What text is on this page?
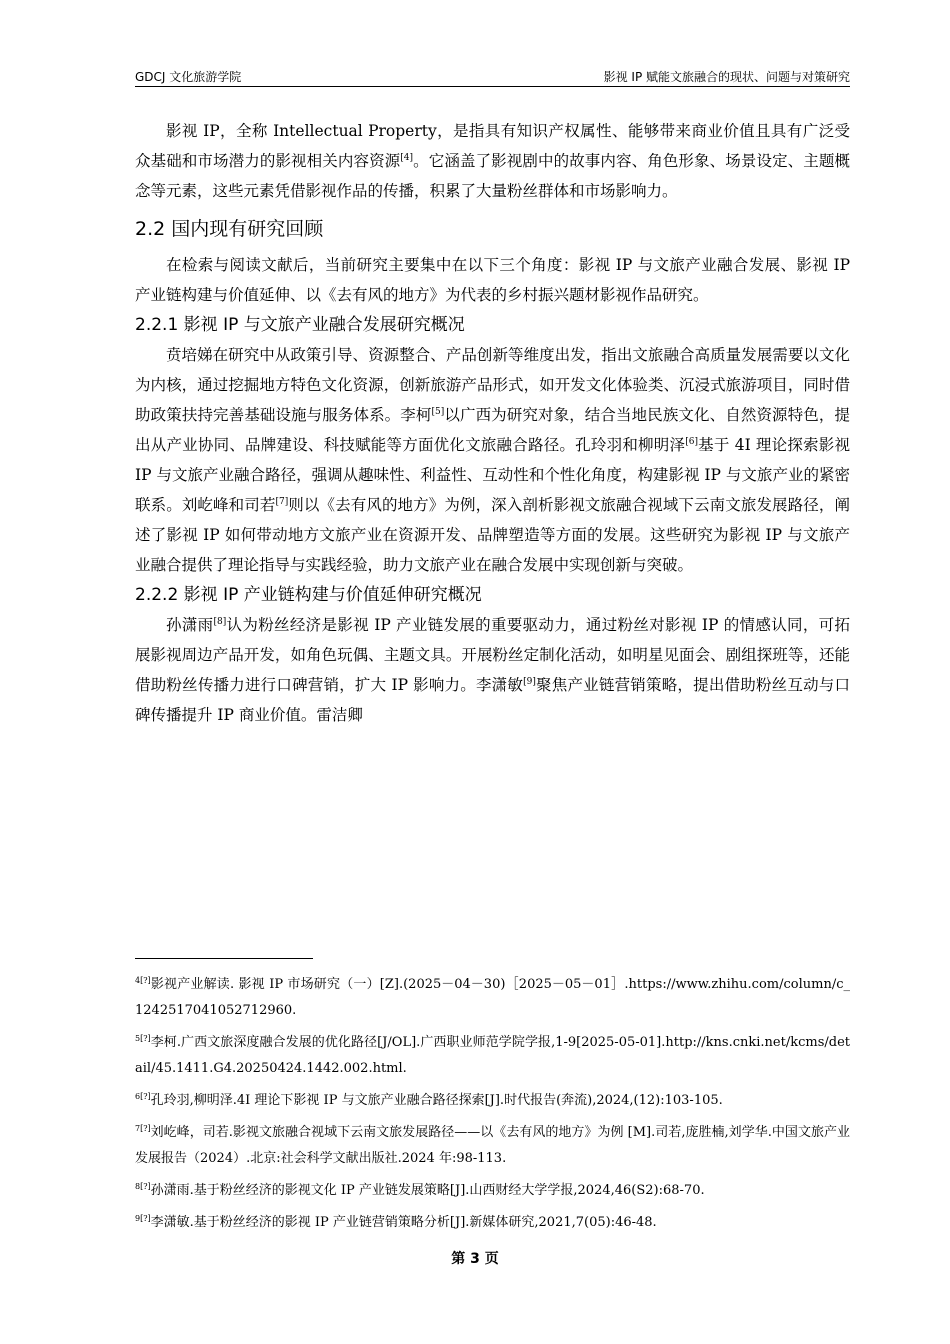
GDCJ 文化旅游学院	影视 IP 赋能文旅融合的现状、问题与对策研究

影视 IP，全称 Intellectual Property，是指具有知识产权属性、能够带来商业价值且具有广泛受众基础和市场潜力的影视相关内容资源[4]。它涵盖了影视剧中的故事内容、角色形象、场景设定、主题概念等元素，这些元素凭借影视作品的传播，积累了大量粉丝群体和市场影响力。

2.2 国内现有研究回顾

在检索与阅读文献后，当前研究主要集中在以下三个角度：影视 IP 与文旅产业融合发展、影视 IP 产业链构建与价值延伸、以《去有风的地方》为代表的乡村振兴题材影视作品研究。

2.2.1 影视 IP 与文旅产业融合发展研究概况

贲培娣在研究中从政策引导、资源整合、产品创新等维度出发，指出文旅融合高质量发展需要以文化为内核，通过挖掘地方特色文化资源，创新旅游产品形式，如开发文化体验类、沉浸式旅游项目，同时借助政策扶持完善基础设施与服务体系。李柯[5]以广西为研究对象，结合当地民族文化、自然资源特色，提出从产业协同、品牌建设、科技赋能等方面优化文旅融合路径。孔玲羽和柳明泽[6]基于 4I 理论探索影视 IP 与文旅产业融合路径，强调从趣味性、利益性、互动性和个性化角度，构建影视 IP 与文旅产业的紧密联系。刘屹峰和司若[7]则以《去有风的地方》为例，深入剖析影视文旅融合视域下云南文旅发展路径，阐述了影视 IP 如何带动地方文旅产业在资源开发、品牌塑造等方面的发展。这些研究为影视 IP 与文旅产业融合提供了理论指导与实践经验，助力文旅产业在融合发展中实现创新与突破。

2.2.2 影视 IP 产业链构建与价值延伸研究概况

孙潇雨[8]认为粉丝经济是影视 IP 产业链发展的重要驱动力，通过粉丝对影视 IP 的情感认同，可拓展影视周边产品开发，如角色玩偶、主题文具。开展粉丝定制化活动，如明星见面会、剧组探班等，还能借助粉丝传播力进行口碑营销，扩大 IP 影响力。李潇敏[9]聚焦产业链营销策略，提出借助粉丝互动与口碑传播提升 IP 商业价值。雷洁卿

$^{4[?]}$影视产业解读. 影视 IP 市场研究（一）[Z].(2025－04－30)［2025－05－01］.https://www.zhihu.com/column/c_1242517041052712960.

$^{5[?]}$李柯.广西文旅深度融合发展的优化路径[J/OL].广西职业师范学院学报,1-9[2025-05-01].http://kns.cnki.net/kcms/detail/45.1411.G4.20250424.1442.002.html.

$^{6[?]}$孔玲羽,柳明泽.4I 理论下影视 IP 与文旅产业融合路径探索[J].时代报告(奔流),2024,(12):103-105.

$^{7[?]}$刘屹峰，司若.影视文旅融合视域下云南文旅发展路径——以《去有风的地方》为例 [M].司若,庞胜楠,刘学华.中国文旅产业发展报告（2024）.北京:社会科学文献出版社.2024 年:98-113.

$^{8[?]}$孙潇雨.基于粉丝经济的影视文化 IP 产业链发展策略[J].山西财经大学学报,2024,46(S2):68-70.

$^{9[?]}$李潇敏.基于粉丝经济的影视 IP 产业链营销策略分析[J].新媒体研究,2021,7(05):46-48.

第 3 页
